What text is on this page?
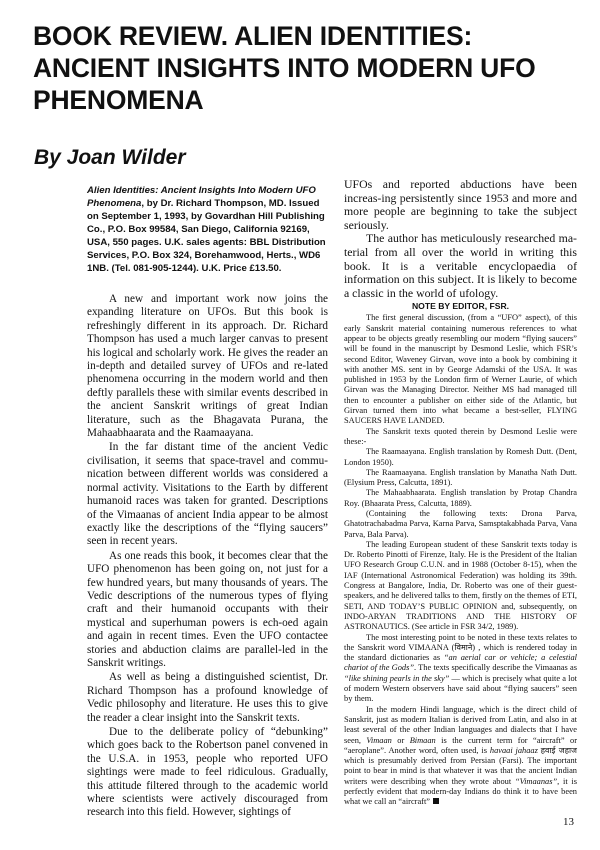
BOOK REVIEW. ALIEN IDENTITIES: ANCIENT INSIGHTS INTO MODERN UFO PHENOMENA
By Joan Wilder

Alien Identities: Ancient Insights Into Modern UFO Phenomena, by Dr. Richard Thompson, MD. Issued on September 1, 1993, by Govardhan Hill Publishing Co., P.O. Box 99584, San Diego, California 92169, USA, 550 pages. U.K. sales agents: BBL Distribution Services, P.O. Box 324, Borehamwood, Herts., WD6 1NB. (Tel. 081-905-1244). U.K. Price £13.50.

A new and important work now joins the expanding literature on UFOs. But this book is refreshingly different in its approach. Dr. Richard Thompson has used a much larger canvas to present his logical and scholarly work. He gives the reader an in-depth and detailed survey of UFOs and re-lated phenomena occurring in the modern world and then deftly parallels these with similar events described in the ancient Sanskrit writings of great Indian literature, such as the Bhagavata Purana, the Mahaabhaarata and the Raamaayana.

In the far distant time of the ancient Vedic civilisation, it seems that space-travel and commu-nication between different worlds was considered a normal activity. Visitations to the Earth by different humanoid races was taken for granted. Descriptions of the Vimaanas of ancient India appear to be almost exactly like the descriptions of the “flying saucers” seen in recent years.

As one reads this book, it becomes clear that the UFO phenomenon has been going on, not just for a few hundred years, but many thousands of years. The Vedic descriptions of the numerous types of flying craft and their humanoid occupants with their mystical and superhuman powers is ech-oed again and again in recent times. Even the UFO contactee stories and abduction claims are parallel-led in the Sanskrit writings.

As well as being a distinguished scientist, Dr. Richard Thompson has a profound knowledge of Vedic philosophy and literature. He uses this to give the reader a clear insight into the Sanskrit texts.

Due to the deliberate policy of “debunking” which goes back to the Robertson panel convened in the U.S.A. in 1953, people who reported UFO sightings were made to feel ridiculous. Gradually, this attitude filtered through to the academic world where scientists were actively discouraged from research into this field. However, sightings of

UFOs and reported abductions have been increas-ing persistently since 1953 and more and more people are beginning to take the subject seriously.

The author has meticulously researched ma-terial from all over the world in writing this book. It is a veritable encyclopaedia of information on this subject. It is likely to become a classic in the world of ufology.

NOTE BY EDITOR, FSR.

The first general discussion, (from a “UFO” aspect), of this early Sanskrit material containing numerous references to what appear to be objects greatly resembling our modern “flying saucers” will be found in the manuscript by Desmond Leslie, which FSR’s second Editor, Waveney Girvan, wove into a book by combining it with another MS. sent in by George Adamski of the USA. It was published in 1953 by the London firm of Werner Laurie, of which Girvan was the Managing Director. Neither MS had managed till then to encounter a publisher on either side of the Atlantic, but Girvan turned them into what became a best-seller, FLYING SAUCERS HAVE LANDED.

The Sanskrit texts quoted therein by Desmond Leslie were these:-

The Raamaayana. English translation by Romesh Dutt. (Dent, London 1950).

The Raamaayana. English translation by Manatha Nath Dutt. (Elysium Press, Calcutta, 1891).

The Mahaabhaarata. English translation by Protap Chandra Roy. (Bhaarata Press, Calcutta, 1889).

(Containing the following texts: Drona Parva, Ghatotrachabadma Parva, Karna Parva, Samsptakabhada Parva, Vana Parva, Bala Parva).

The leading European student of these Sanskrit texts today is Dr. Roberto Pinotti of Firenze, Italy. He is the President of the Italian UFO Research Group C.U.N. and in 1988 (October 8-15), when the IAF (International Astronomical Federation) was holding its 39th. Congress at Bangalore, India, Dr. Roberto was one of their guest-speakers, and he delivered talks to them, firstly on the themes of ETI, SETI, AND TODAY’S PUBLIC OPINION and, subsequently, on INDO-ARYAN TRADITIONS AND THE HISTORY OF ASTRONAUTICS. (See article in FSR 34/2, 1989).

The most interesting point to be noted in these texts relates to the Sanskrit word VIMAANA (विमाने) , which is rendered today in the standard dictionaries as “an aerial car or vehicle; a celestial chariot of the Gods”. The texts specifically describe the Vimaanas as “like shining pearls in the sky” — which is precisely what quite a lot of modern Western observers have said about “flying saucers” seen by them.

In the modern Hindi language, which is the direct child of Sanskrit, just as modern Italian is derived from Latin, and also in at least several of the other Indian languages and dialects that I have seen, Vimaan or Bimaan is the current term for “aircraft” or “aeroplane”. Another word, often used, is havaai jahaaz हवाई जहाज which is presumably derived from Persian (Farsi). The important point to bear in mind is that whatever it was that the ancient Indian writers were describing when they wrote about “Vimaanas”, it is perfectly evident that modern-day Indians do think it to have been what we call an “aircraft”

13
